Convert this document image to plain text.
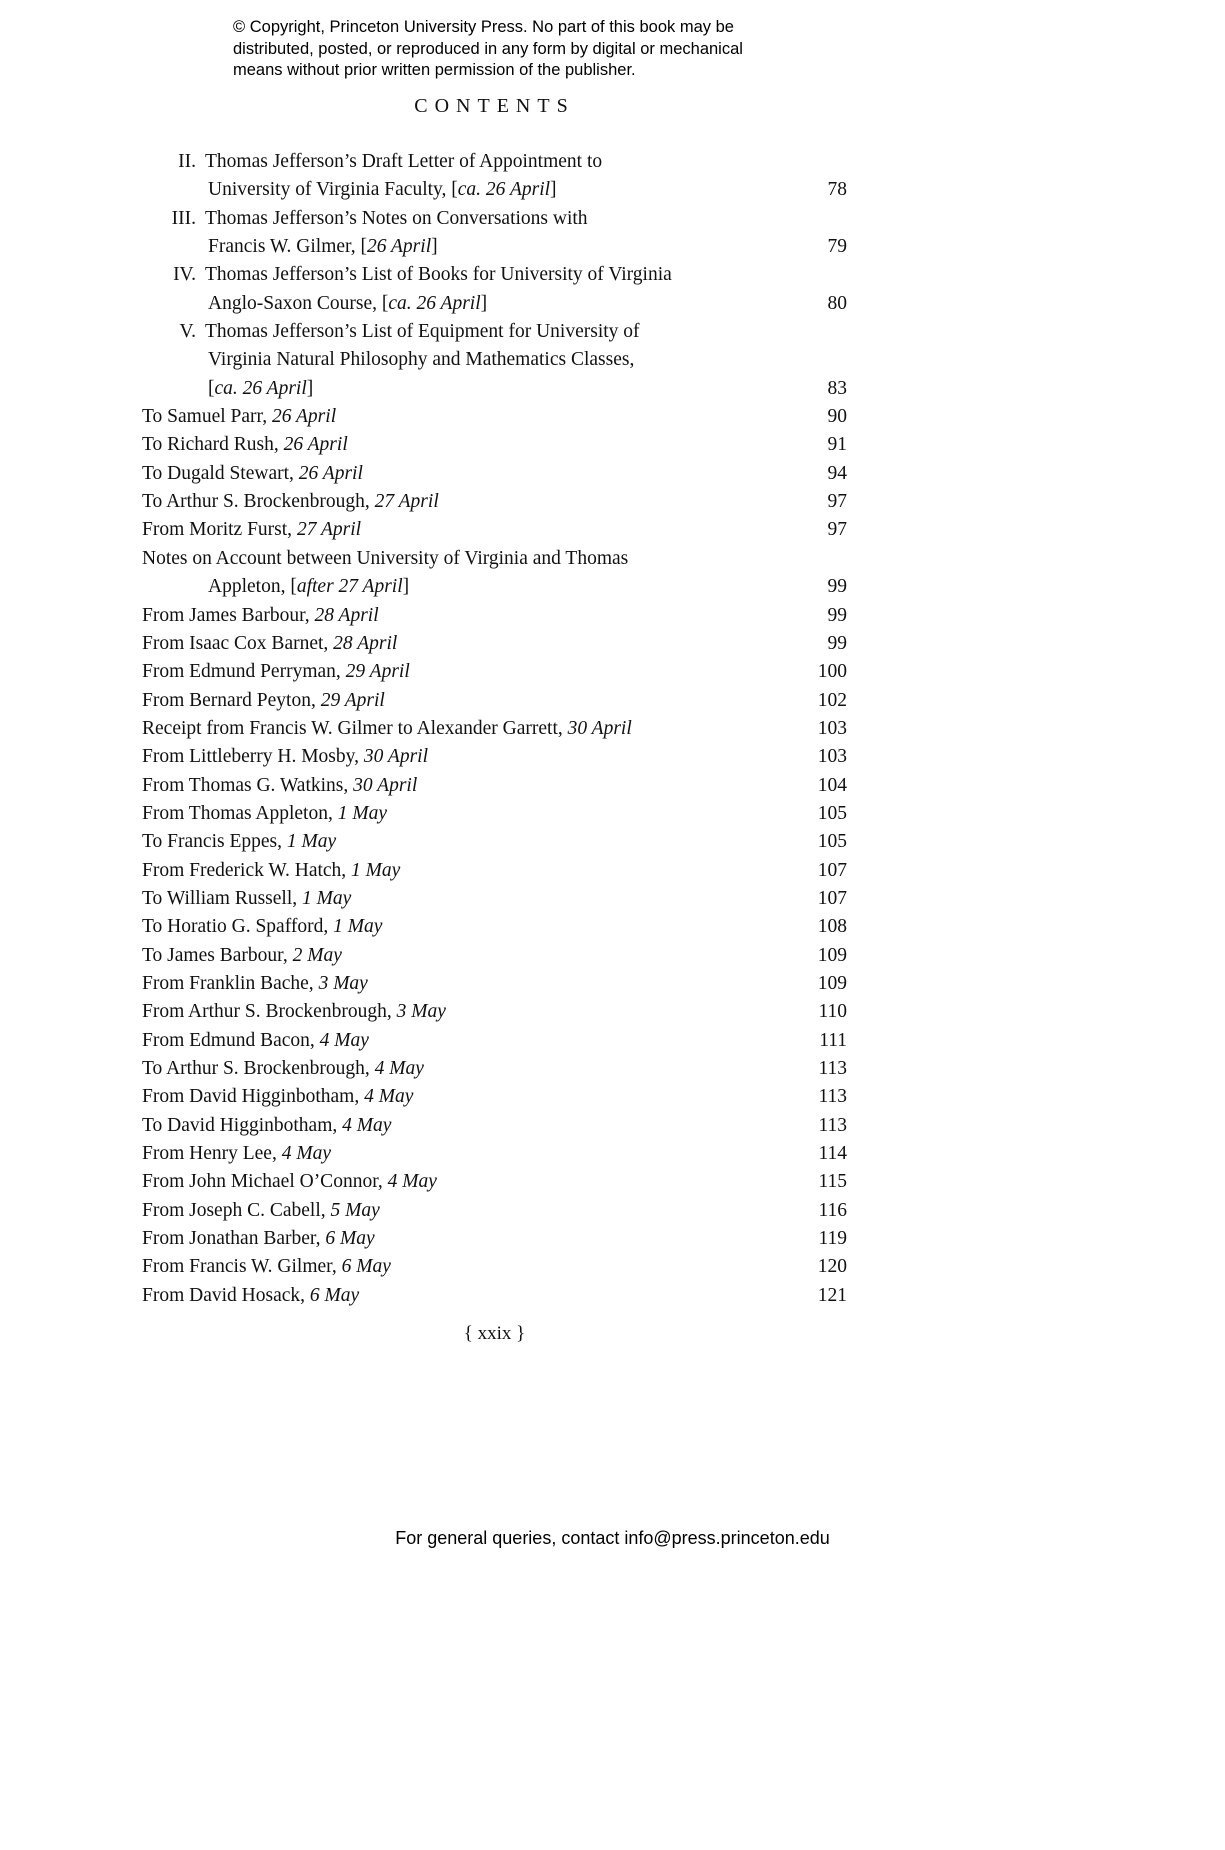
© Copyright, Princeton University Press. No part of this book may be
distributed, posted, or reproduced in any form by digital or mechanical
means without prior written permission of the publisher.
CONTENTS
II. Thomas Jefferson’s Draft Letter of Appointment to
University of Virginia Faculty, [ca. 26 April]	78
III. Thomas Jefferson’s Notes on Conversations with
Francis W. Gilmer, [26 April]	79
IV. Thomas Jefferson’s List of Books for University of Virginia
Anglo-Saxon Course, [ca. 26 April]	80
V. Thomas Jefferson’s List of Equipment for University of
Virginia Natural Philosophy and Mathematics Classes,
[ca. 26 April]	83
To Samuel Parr, 26 April	90
To Richard Rush, 26 April	91
To Dugald Stewart, 26 April	94
To Arthur S. Brockenbrough, 27 April	97
From Moritz Furst, 27 April	97
Notes on Account between University of Virginia and Thomas
Appleton, [after 27 April]	99
From James Barbour, 28 April	99
From Isaac Cox Barnet, 28 April	99
From Edmund Perryman, 29 April	100
From Bernard Peyton, 29 April	102
Receipt from Francis W. Gilmer to Alexander Garrett, 30 April	103
From Littleberry H. Mosby, 30 April	103
From Thomas G. Watkins, 30 April	104
From Thomas Appleton, 1 May	105
To Francis Eppes, 1 May	105
From Frederick W. Hatch, 1 May	107
To William Russell, 1 May	107
To Horatio G. Spafford, 1 May	108
To James Barbour, 2 May	109
From Franklin Bache, 3 May	109
From Arthur S. Brockenbrough, 3 May	110
From Edmund Bacon, 4 May	111
To Arthur S. Brockenbrough, 4 May	113
From David Higginbotham, 4 May	113
To David Higginbotham, 4 May	113
From Henry Lee, 4 May	114
From John Michael O’Connor, 4 May	115
From Joseph C. Cabell, 5 May	116
From Jonathan Barber, 6 May	119
From Francis W. Gilmer, 6 May	120
From David Hosack, 6 May	121
{ xxix }
For general queries, contact info@press.princeton.edu
